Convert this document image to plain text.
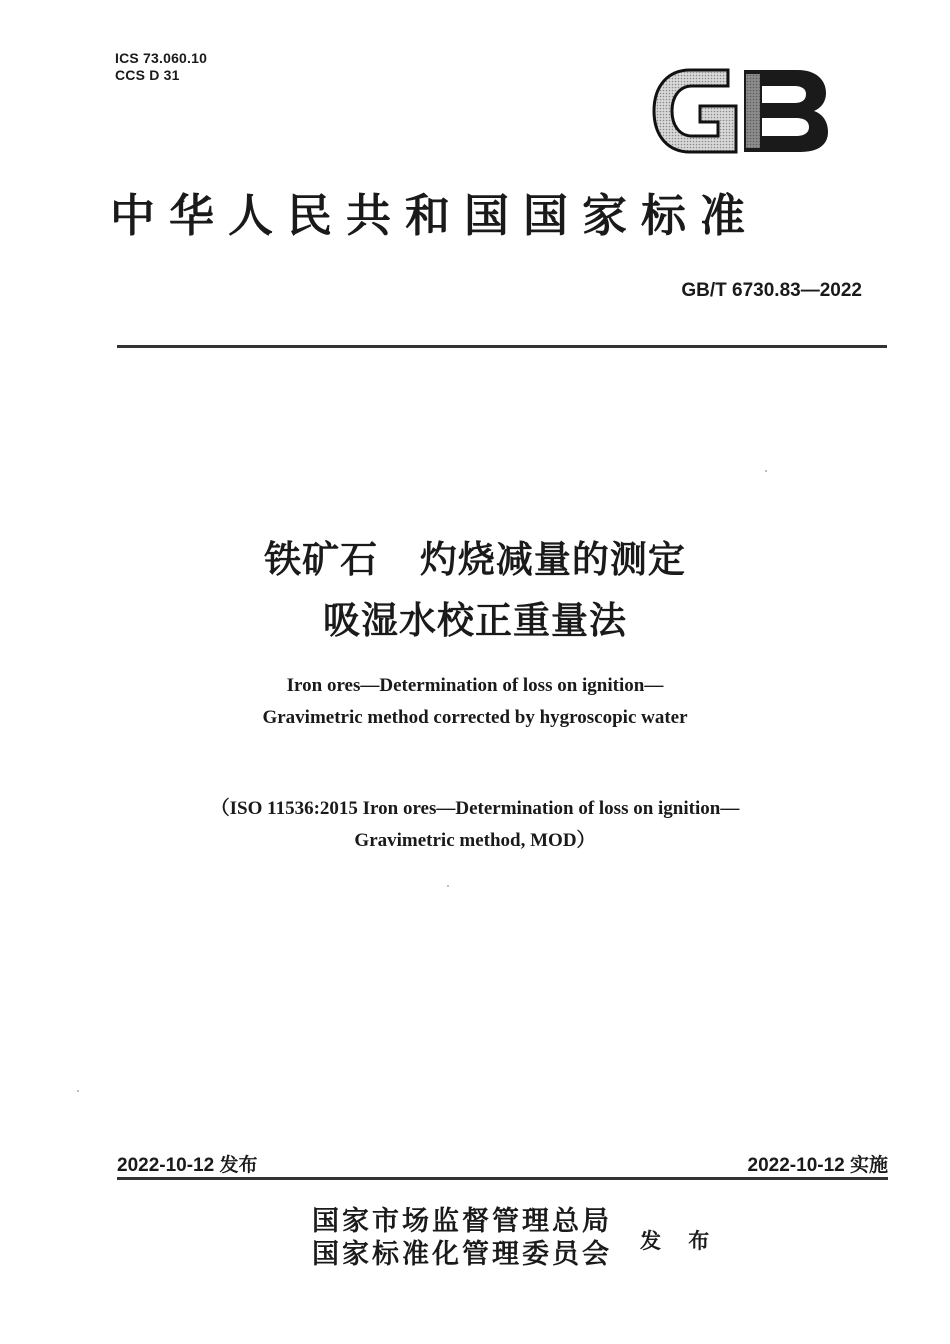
ICS 73.060.10
CCS D 31
中华人民共和国国家标准
GB/T 6730.83—2022
铁矿石   灼烧减量的测定
吸湿水校正重量法
Iron ores—Determination of loss on ignition—
Gravimetric method corrected by hygroscopic water
（ISO 11536:2015 Iron ores—Determination of loss on ignition—
Gravimetric method, MOD）
2022-10-12 发布	2022-10-12 实施
国家市场监督管理总局
国家标准化管理委员会 发 布
